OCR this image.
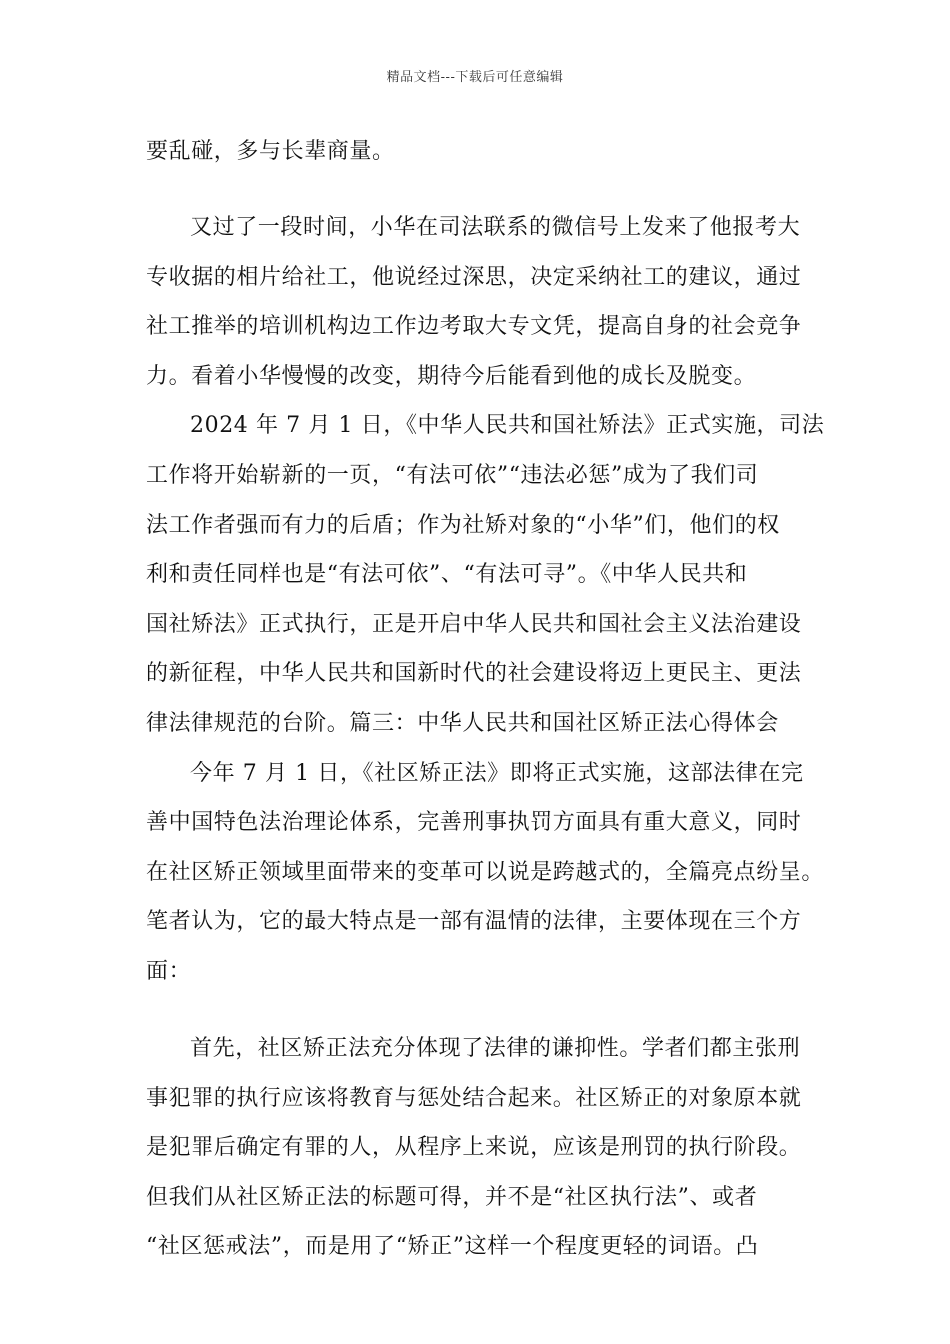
精品文档---下载后可任意编辑
要乱碰，多与长辈商量。
又过了一段时间，小华在司法联系的微信号上发来了他报考大
专收据的相片给社工，他说经过深思，决定采纳社工的建议，通过
社工推举的培训机构边工作边考取大专文凭，提高自身的社会竞争
力。看着小华慢慢的改变，期待今后能看到他的成长及脱变。
2024 年 7 月 1 日，《中华人民共和国社矫法》正式实施，司法
工作将开始崭新的一页，“有法可依”“违法必惩”成为了我们司
法工作者强而有力的后盾；作为社矫对象的“小华”们，他们的权
利和责任同样也是“有法可依”、“有法可寻”。《中华人民共和
国社矫法》正式执行，正是开启中华人民共和国社会主义法治建设
的新征程，中华人民共和国新时代的社会建设将迈上更民主、更法
律法律规范的台阶。篇三：中华人民共和国社区矫正法心得体会
今年 7 月 1 日，《社区矫正法》即将正式实施，这部法律在完
善中国特色法治理论体系，完善刑事执罚方面具有重大意义，同时
在社区矫正领域里面带来的变革可以说是跨越式的，全篇亮点纷呈。
笔者认为，它的最大特点是一部有温情的法律，主要体现在三个方
面：
首先，社区矫正法充分体现了法律的谦抑性。学者们都主张刑
事犯罪的执行应该将教育与惩处结合起来。社区矫正的对象原本就
是犯罪后确定有罪的人，从程序上来说，应该是刑罚的执行阶段。
但我们从社区矫正法的标题可得，并不是“社区执行法”、或者
“社区惩戒法”，而是用了“矫正”这样一个程度更轻的词语。凸
